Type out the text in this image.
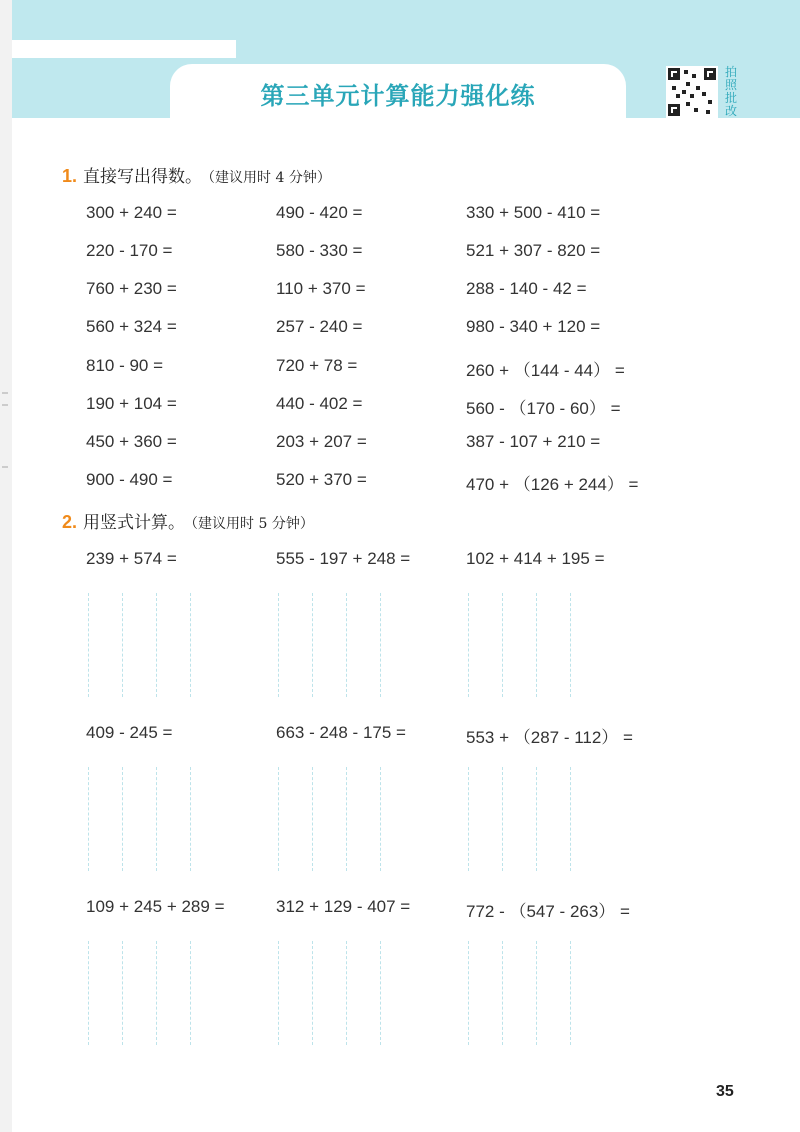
第三单元计算能力强化练
拍照批改
1. 直接写出得数。 （建议用时 4 分钟）
300 + 240 =	490 - 420 =	330 + 500 - 410 =
220 - 170 =	580 - 330 =	521 + 307 - 820 =
760 + 230 =	110 + 370 =	288 - 140 - 42 =
560 + 324 =	257 - 240 =	980 - 340 + 120 =
810 - 90 =	720 + 78 =	260 + （144 - 44） =
190 + 104 =	440 - 402 =	560 - （170 - 60） =
450 + 360 =	203 + 207 =	387 - 107 + 210 =
900 - 490 =	520 + 370 =	470 + （126 + 244） =
2. 用竖式计算。 （建议用时 5 分钟）
239 + 574 =	555 - 197 + 248 =	102 + 414 + 195 =
409 - 245 =	663 - 248 - 175 =	553 + （287 - 112） =
109 + 245 + 289 =	312 + 129 - 407 =	772 - （547 - 263） =
35
